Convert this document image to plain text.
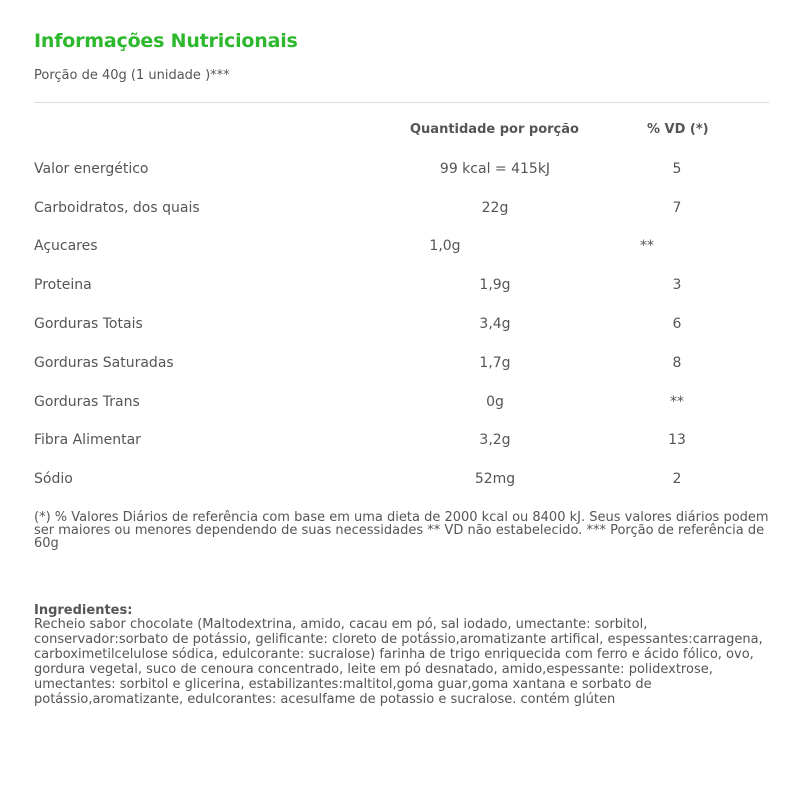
Informações Nutricionais
Porção de 40g (1 unidade )***
Quantidade por porção	% VD (*)
Valor energético	99 kcal = 415kJ	5
Carboidratos, dos quais	22g	7
Açucares	1,0g	**
Proteina	1,9g	3
Gorduras Totais	3,4g	6
Gorduras Saturadas	1,7g	8
Gorduras Trans	0g	**
Fibra Alimentar	3,2g	13
Sódio	52mg	2
(*) % Valores Diários de referência com base em uma dieta de 2000 kcal ou 8400 kJ. Seus valores diários podem ser maiores ou menores dependendo de suas necessidades ** VD não estabelecido. *** Porção de referência de 60g
Ingredientes:
Recheio sabor chocolate (Maltodextrina, amido, cacau em pó, sal iodado, umectante: sorbitol, conservador:sorbato de potássio, gelificante: cloreto de potássio,aromatizante artifical, espessantes:carragena, carboximetilcelulose sódica, edulcorante: sucralose) farinha de trigo enriquecida com ferro e ácido fólico, ovo, gordura vegetal, suco de cenoura concentrado, leite em pó desnatado, amido,espessante: polidextrose, umectantes: sorbitol e glicerina, estabilizantes:maltitol,goma guar,goma xantana e sorbato de potássio,aromatizante, edulcorantes: acesulfame de potassio e sucralose. contém glúten
